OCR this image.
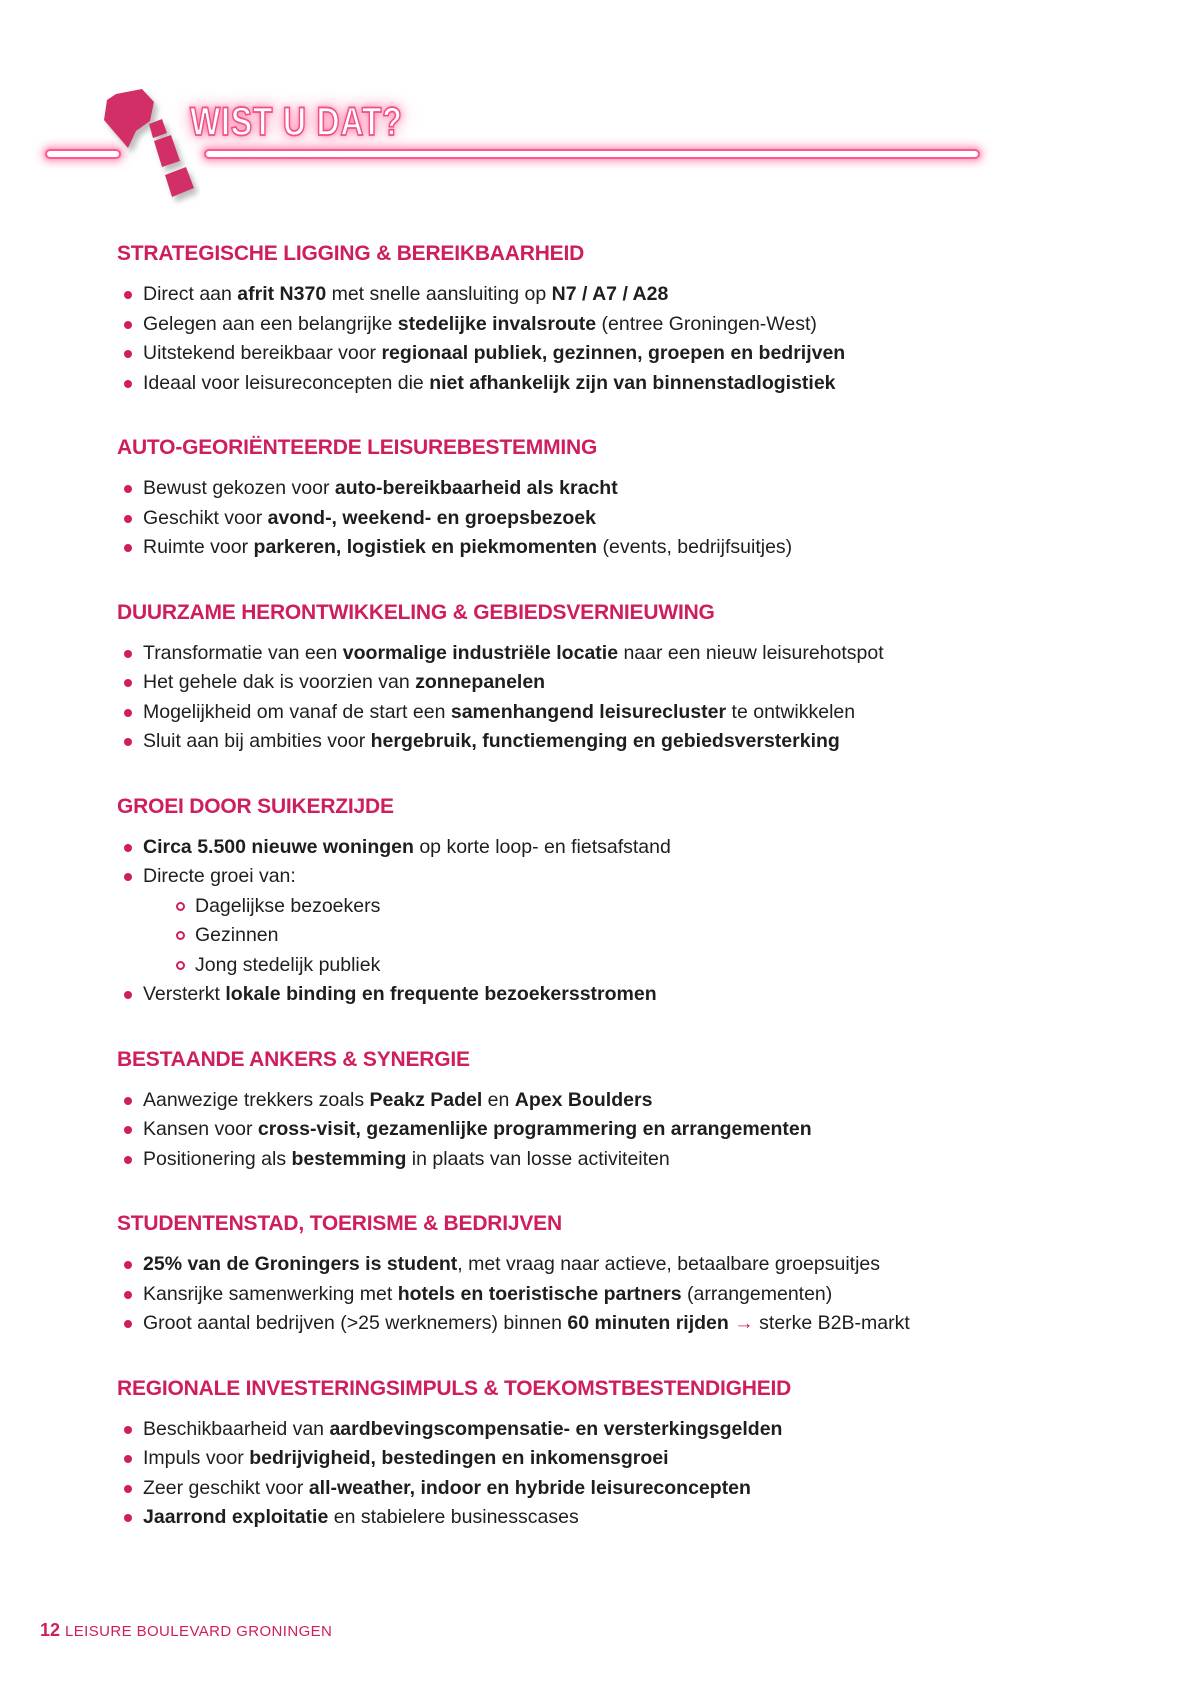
WIST U DAT?
STRATEGISCHE LIGGING & BEREIKBAARHEID
Direct aan afrit N370 met snelle aansluiting op N7 / A7 / A28
Gelegen aan een belangrijke stedelijke invalsroute (entree Groningen-West)
Uitstekend bereikbaar voor regionaal publiek, gezinnen, groepen en bedrijven
Ideaal voor leisureconcepten die niet afhankelijk zijn van binnenstadlogistiek
AUTO-GEORIËNTEERDE LEISUREBESTEMMING
Bewust gekozen voor auto-bereikbaarheid als kracht
Geschikt voor avond-, weekend- en groepsbezoek
Ruimte voor parkeren, logistiek en piekmomenten (events, bedrijfsuitjes)
DUURZAME HERONTWIKKELING & GEBIEDSVERNIEUWING
Transformatie van een voormalige industriële locatie naar een nieuw leisurehotspot
Het gehele dak is voorzien van zonnepanelen
Mogelijkheid om vanaf de start een samenhangend leisurecluster te ontwikkelen
Sluit aan bij ambities voor hergebruik, functiemenging en gebiedsversterking
GROEI DOOR SUIKERZIJDE
Circa 5.500 nieuwe woningen op korte loop- en fietsafstand
Directe groei van:
Dagelijkse bezoekers
Gezinnen
Jong stedelijk publiek
Versterkt lokale binding en frequente bezoekersstromen
BESTAANDE ANKERS & SYNERGIE
Aanwezige trekkers zoals Peakz Padel en Apex Boulders
Kansen voor cross-visit, gezamenlijke programmering en arrangementen
Positionering als bestemming in plaats van losse activiteiten
STUDENTENSTAD, TOERISME & BEDRIJVEN
25% van de Groningers is student, met vraag naar actieve, betaalbare groepsuitjes
Kansrijke samenwerking met hotels en toeristische partners (arrangementen)
Groot aantal bedrijven (>25 werknemers) binnen 60 minuten rijden → sterke B2B-markt
REGIONALE INVESTERINGSIMPULS & TOEKOMSTBESTENDIGHEID
Beschikbaarheid van aardbevingscompensatie- en versterkingsgelden
Impuls voor bedrijvigheid, bestedingen en inkomensgroei
Zeer geschikt voor all-weather, indoor en hybride leisureconcepten
Jaarrond exploitatie en stabielere businesscases
12 LEISURE BOULEVARD GRONINGEN
